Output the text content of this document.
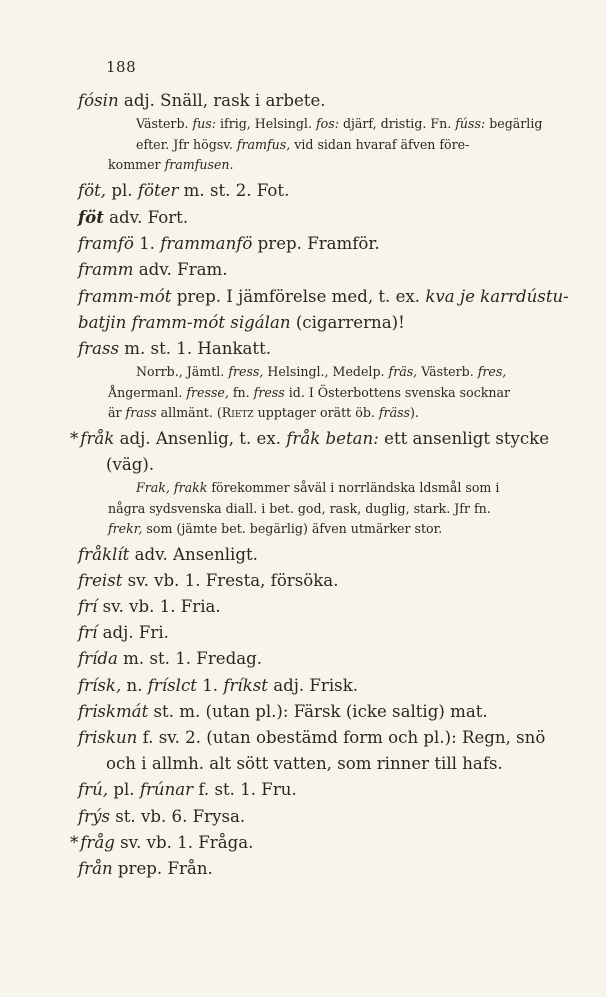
188
fósin adj. Snäll, rask i arbete.
Västerb. fus: ifrig, Helsingl. fos: djärf, dristig. Fn. fúss: begärlig efter. Jfr högsv. framfus, vid sidan hvaraf äfven före-
kommer framfusen.
föt, pl. föter m. st. 2. Fot.
föt adv. Fort.
framfö 1. frammanfö prep. Framför.
framm adv. Fram.
framm-mót prep. I jämförelse med, t. ex. kva je karrdústu-
batjin framm-mót sigálan (cigarrerna)!
frass m. st. 1. Hankatt.
Norrb., Jämtl. fress, Helsingl., Medelp. fräs, Västerb. fres,
Ångermanl. fresse, fn. fress id. I Österbottens svenska socknar
är frass allmänt. (Rietz upptager orätt öb. fräss).
* fråk adj. Ansenlig, t. ex. fråk betan: ett ansenligt stycke
(väg).
Frak, frakk förekommer såväl i norrländska ldsmål som i
några sydsvenska diall. i bet. god, rask, duglig, stark. Jfr fn.
frekr, som (jämte bet. begärlig) äfven utmärker stor.
fråklít adv. Ansenligt.
freist sv. vb. 1. Fresta, försöka.
frí sv. vb. 1. Fria.
frí adj. Fri.
frída m. st. 1. Fredag.
frísk, n. fríslct 1. fríkst adj. Frisk.
fri̇skmát st. m. (utan pl.): Färsk (icke saltig) mat.
friskun f. sv. 2. (utan obestämd form och pl.): Regn, snö
och i allmh. alt sött vatten, som rinner till hafs.
frú, pl. frúnar f. st. 1. Fru.
frýs st. vb. 6. Frysa.
* fråg sv. vb. 1. Fråga.
från prep. Från.
